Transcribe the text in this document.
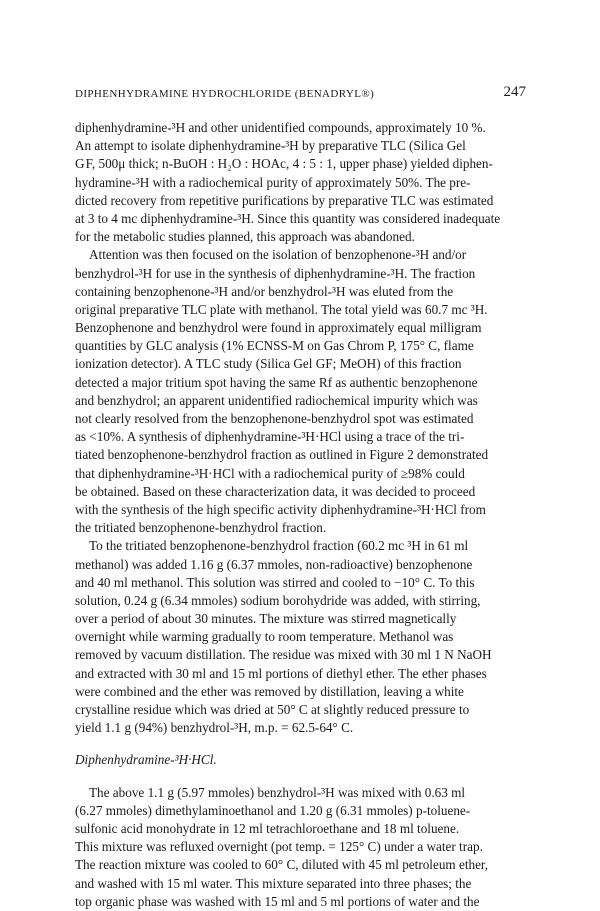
DIPHENHYDRAMINE HYDROCHLORIDE (BENADRYL®)	247
diphenhydramine-³H and other unidentified compounds, approximately 10 %.
An attempt to isolate diphenhydramine-³H by preparative TLC (Silica Gel
G F, 500μ thick; n-BuOH : H₂O : HOAc, 4 : 5 : 1, upper phase) yielded diphen-
hydramine-³H with a radiochemical purity of approximately 50%. The pre-
dicted recovery from repetitive purifications by preparative TLC was estimated
at 3 to 4 mc diphenhydramine-³H. Since this quantity was considered inadequate
for the metabolic studies planned, this approach was abandoned.
Attention was then focused on the isolation of benzophenone-³H and/or
benzhydrol-³H for use in the synthesis of diphenhydramine-³H. The fraction
containing benzophenone-³H and/or benzhydrol-³H was eluted from the
original preparative TLC plate with methanol. The total yield was 60.7 mc ³H.
Benzophenone and benzhydrol were found in approximately equal milligram
quantities by GLC analysis (1% ECNSS-M on Gas Chrom P, 175° C, flame
ionization detector). A TLC study (Silica Gel GF; MeOH) of this fraction
detected a major tritium spot having the same Rf as authentic benzophenone
and benzhydrol; an apparent unidentified radiochemical impurity which was
not clearly resolved from the benzophenone-benzhydrol spot was estimated
as <10%. A synthesis of diphenhydramine-³H·HCl using a trace of the tri-
tiated benzophenone-benzhydrol fraction as outlined in Figure 2 demonstrated
that diphenhydramine-³H·HCl with a radiochemical purity of ≥98% could
be obtained. Based on these characterization data, it was decided to proceed
with the synthesis of the high specific activity diphenhydramine-³H·HCl from
the tritiated benzophenone-benzhydrol fraction.
To the tritiated benzophenone-benzhydrol fraction (60.2 mc ³H in 61 ml
methanol) was added 1.16 g (6.37 mmoles, non-radioactive) benzophenone
and 40 ml methanol. This solution was stirred and cooled to −10° C. To this
solution, 0.24 g (6.34 mmoles) sodium borohydride was added, with stirring,
over a period of about 30 minutes. The mixture was stirred magnetically
overnight while warming gradually to room temperature. Methanol was
removed by vacuum distillation. The residue was mixed with 30 ml 1 N NaOH
and extracted with 30 ml and 15 ml portions of diethyl ether. The ether phases
were combined and the ether was removed by distillation, leaving a white
crystalline residue which was dried at 50° C at slightly reduced pressure to
yield 1.1 g (94%) benzhydrol-³H, m.p. = 62.5-64° C.
Diphenhydramine-³H·HCl.
The above 1.1 g (5.97 mmoles) benzhydrol-³H was mixed with 0.63 ml
(6.27 mmoles) dimethylaminoethanol and 1.20 g (6.31 mmoles) p-toluene-
sulfonic acid monohydrate in 12 ml tetrachloroethane and 18 ml toluene.
This mixture was refluxed overnight (pot temp. = 125° C) under a water trap.
The reaction mixture was cooled to 60° C, diluted with 45 ml petroleum ether,
and washed with 15 ml water. This mixture separated into three phases; the
top organic phase was washed with 15 ml and 5 ml portions of water and the
